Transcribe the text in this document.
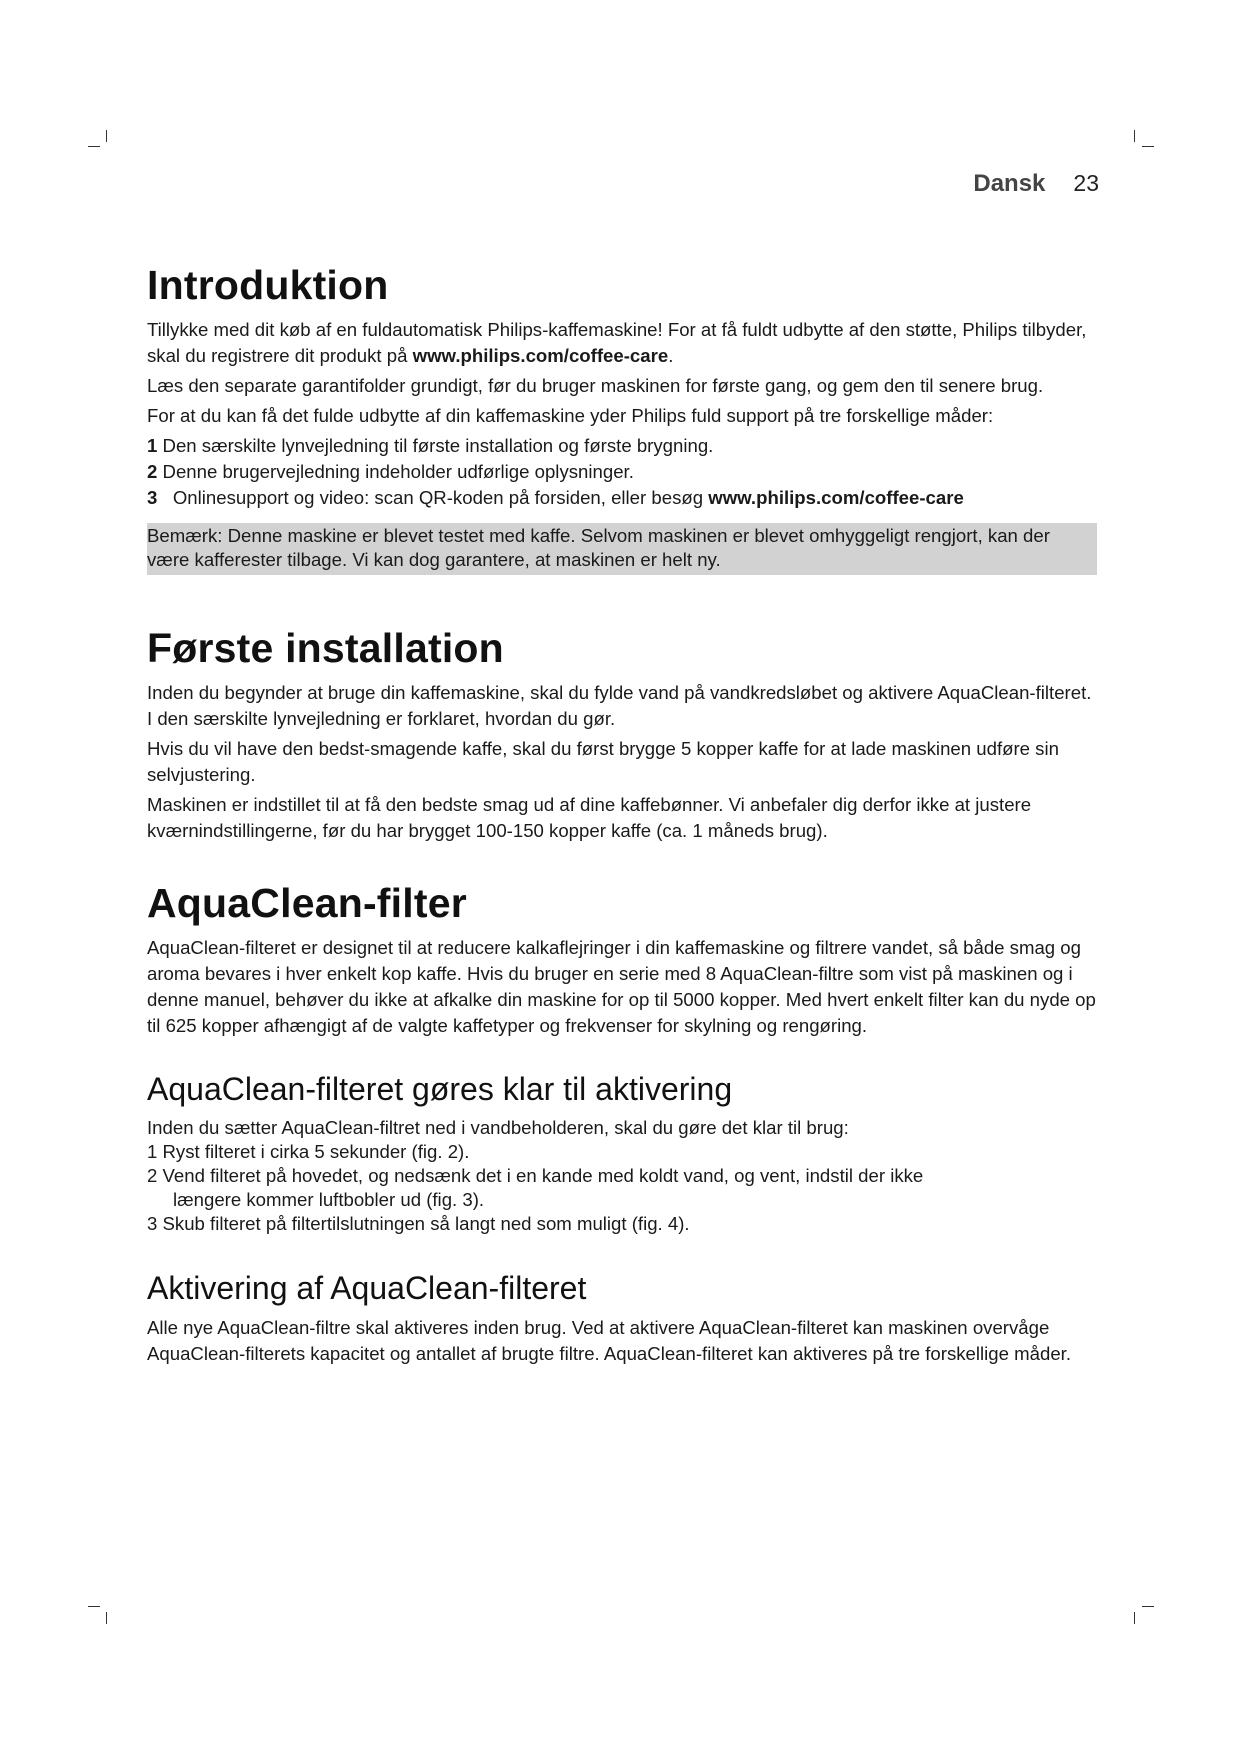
Dansk 23
Introduktion

Tillykke med dit køb af en fuldautomatisk Philips-kaffemaskine! For at få fuldt udbytte af den støtte, Philips tilbyder, skal du registrere dit produkt på www.philips.com/coffee-care.

Læs den separate garantifolder grundigt, før du bruger maskinen for første gang, og gem den til senere brug.

For at du kan få det fulde udbytte af din kaffemaskine yder Philips fuld support på tre forskellige måder:

1 Den særskilte lynvejledning til første installation og første brygning.
2 Denne brugervejledning indeholder udførlige oplysninger.
3   Onlinesupport og video: scan QR-koden på forsiden, eller besøg www.philips.com/coffee-care
Bemærk: Denne maskine er blevet testet med kaffe. Selvom maskinen er blevet omhyggeligt rengjort, kan der være kafferester tilbage. Vi kan dog garantere, at maskinen er helt ny.
Første installation

Inden du begynder at bruge din kaffemaskine, skal du fylde vand på vandkredsløbet og aktivere AquaClean-filteret. I den særskilte lynvejledning er forklaret, hvordan du gør.

Hvis du vil have den bedst-smagende kaffe, skal du først brygge 5 kopper kaffe for at lade maskinen udføre sin selvjustering.

Maskinen er indstillet til at få den bedste smag ud af dine kaffebønner. Vi anbefaler dig derfor ikke at justere kværnindstillingerne, før du har brygget 100-150 kopper kaffe (ca. 1 måneds brug).

AquaClean-filter

AquaClean-filteret er designet til at reducere kalkaflejringer i din kaffemaskine og filtrere vandet, så både smag og aroma bevares i hver enkelt kop kaffe. Hvis du bruger en serie med 8 AquaClean-filtre som vist på maskinen og i denne manuel, behøver du ikke at afkalke din maskine for op til 5000 kopper. Med hvert enkelt filter kan du nyde op til 625 kopper afhængigt af de valgte kaffetyper og frekvenser for skylning og rengøring.

AquaClean-filteret gøres klar til aktivering
Inden du sætter AquaClean-filtret ned i vandbeholderen, skal du gøre det klar til brug:
1 Ryst filteret i cirka 5 sekunder (fig. 2).
2 Vend filteret på hovedet, og nedsænk det i en kande med koldt vand, og vent, indstil der ikke
længere kommer luftbobler ud (fig. 3).
3 Skub filteret på filtertilslutningen så langt ned som muligt (fig. 4).
Aktivering af AquaClean-filteret

Alle nye AquaClean-filtre skal aktiveres inden brug. Ved at aktivere AquaClean-filteret kan maskinen overvåge AquaClean-filterets kapacitet og antallet af brugte filtre. AquaClean-filteret kan aktiveres på tre forskellige måder.
